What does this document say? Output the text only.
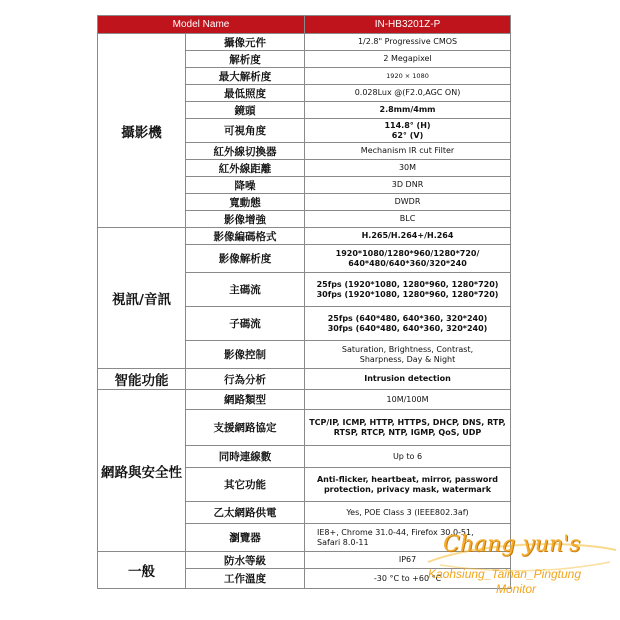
Model Name		IN-HB3201Z-P
攝影機	攝像元件	1/2.8" Progressive CMOS
	解析度	2 Megapixel
	最大解析度	1920 × 1080
	最低照度	0.028Lux @(F2.0,AGC ON)
	鏡頭	2.8mm/4mm
	可視角度	114.8° (H)
62° (V)
	紅外線切換器	Mechanism IR cut Filter
	紅外線距離	30M
	降噪	3D DNR
	寬動態	DWDR
	影像增強	BLC
視訊/音訊	影像編碼格式	H.265/H.264+/H.264
	影像解析度	1920*1080/1280*960/1280*720/
640*480/640*360/320*240
	主碼流	25fps (1920*1080, 1280*960, 1280*720)
30fps (1920*1080, 1280*960, 1280*720)
	子碼流	25fps (640*480, 640*360, 320*240)
30fps (640*480, 640*360, 320*240)
	影像控制	Saturation, Brightness, Contrast,
Sharpness, Day & Night
智能功能	行為分析	Intrusion detection
網路與安全性	網路類型	10M/100M
	支援網路協定	TCP/IP, ICMP, HTTP, HTTPS, DHCP, DNS, RTP,
RTSP, RTCP, NTP, IGMP, QoS, UDP
	同時連線數	Up to 6
	其它功能	Anti-flicker, heartbeat, mirror, password
protection, privacy mask, watermark
	乙太網路供電	Yes, POE Class 3 (IEEE802.3af)
	瀏覽器	IE8+, Chrome 31.0-44, Firefox 30.0-51,
Safari 8.0-11
一般	防水等級	IP67
	工作溫度	-30 °C to +60 °C
Chang yun's
Kaohsiung_Tainan_Pingtung
Monitor
